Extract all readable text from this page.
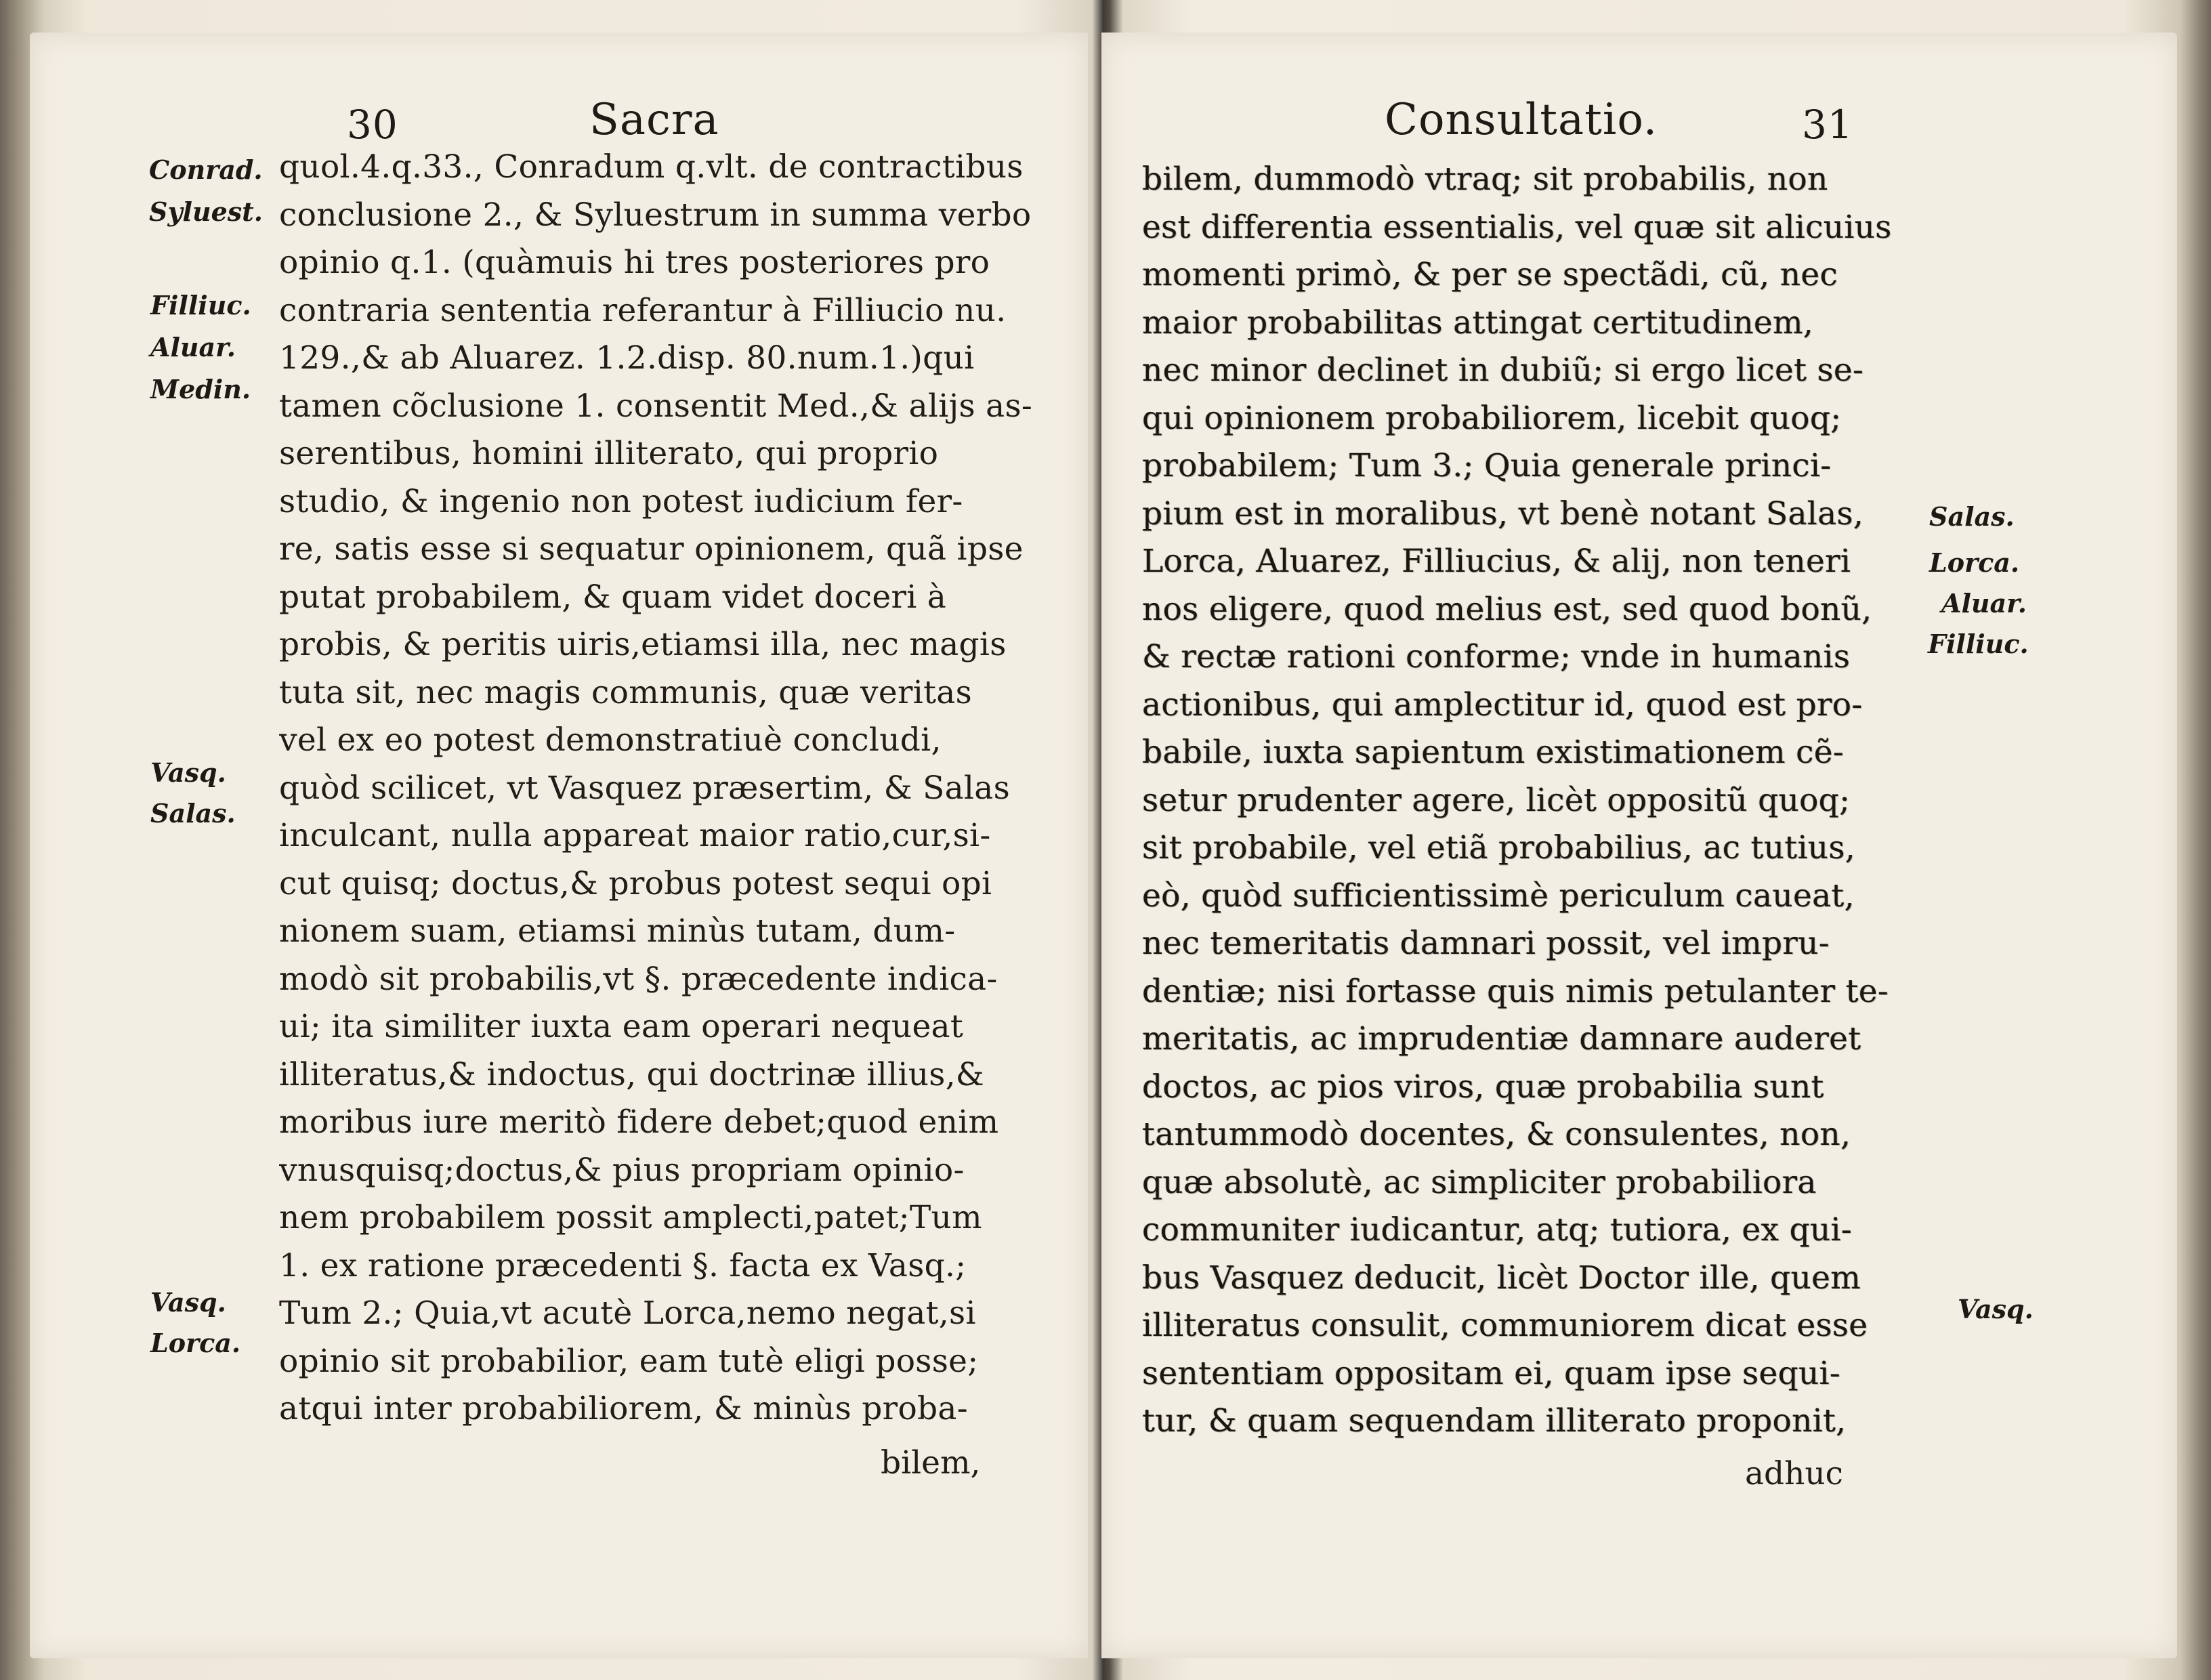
30	Sacra
quol.4.q.33., Conradum q.vlt. de contractibus
conclusione 2., & Syluestrum in summa verbo
opinio q.1. (quàmuis hi tres posteriores pro
contraria sententia referantur à Filliucio nu.
129.,& ab Aluarez. 1.2.disp. 80.num.1.)qui
tamen cõclusione 1. consentit Med.,& alijs as-
serentibus, homini illiterato, qui proprio
studio, & ingenio non potest iudicium fer-
re, satis esse si sequatur opinionem, quã ipse
putat probabilem, & quam videt doceri à
probis, & peritis uiris,etiamsi illa, nec magis
tuta sit, nec magis communis, quæ veritas
vel ex eo potest demonstratiuè concludi,
quòd scilicet, vt Vasquez præsertim, & Salas
inculcant, nulla appareat maior ratio,cur,si-
cut quisq; doctus,& probus potest sequi opi
nionem suam, etiamsi minùs tutam, dum-
modò sit probabilis,vt §. præcedente indica-
ui; ita similiter iuxta eam operari nequeat
illiteratus,& indoctus, qui doctrinæ illius,&
moribus iure meritò fidere debet;quod enim
vnusquisq;doctus,& pius propriam opinio-
nem probabilem possit amplecti,patet;Tum
1. ex ratione præcedenti §. facta ex Vasq.;
Tum 2.; Quia,vt acutè Lorca,nemo negat,si
opinio sit probabilior, eam tutè eligi posse;
atqui inter probabiliorem, & minùs proba-
bilem,
Conrad.
Syluest.
Filliuc.
Aluar.
Medin.
Vasq.
Salas.
Vasq.
Lorca.
Consultatio.	31
bilem, dummodò vtraq; sit probabilis, non
est differentia essentialis, vel quæ sit alicuius
momenti primò, & per se spectãdi, cũ, nec
maior probabilitas attingat certitudinem,
nec minor declinet in dubiũ; si ergo licet se-
qui opinionem probabiliorem, licebit quoq;
probabilem; Tum 3.; Quia generale princi-
pium est in moralibus, vt benè notant Salas,
Lorca, Aluarez, Filliucius, & alij, non teneri
nos eligere, quod melius est, sed quod bonũ,
& rectæ rationi conforme; vnde in humanis
actionibus, qui amplectitur id, quod est pro-
babile, iuxta sapientum existimationem cẽ-
setur prudenter agere, licèt oppositũ quoq;
sit probabile, vel etiã probabilius, ac tutius,
eò, quòd sufficientissimè periculum caueat,
nec temeritatis damnari possit, vel impru-
dentiæ; nisi fortasse quis nimis petulanter te-
meritatis, ac imprudentiæ damnare auderet
doctos, ac pios viros, quæ probabilia sunt
tantummodò docentes, & consulentes, non,
quæ absolutè, ac simpliciter probabiliora
communiter iudicantur, atq; tutiora, ex qui-
bus Vasquez deducit, licèt Doctor ille, quem
illiteratus consulit, communiorem dicat esse
sententiam oppositam ei, quam ipse sequi-
tur, & quam sequendam illiterato proponit,
adhuc
Salas.
Lorca.
Aluar.
Filliuc.
Vasq.
